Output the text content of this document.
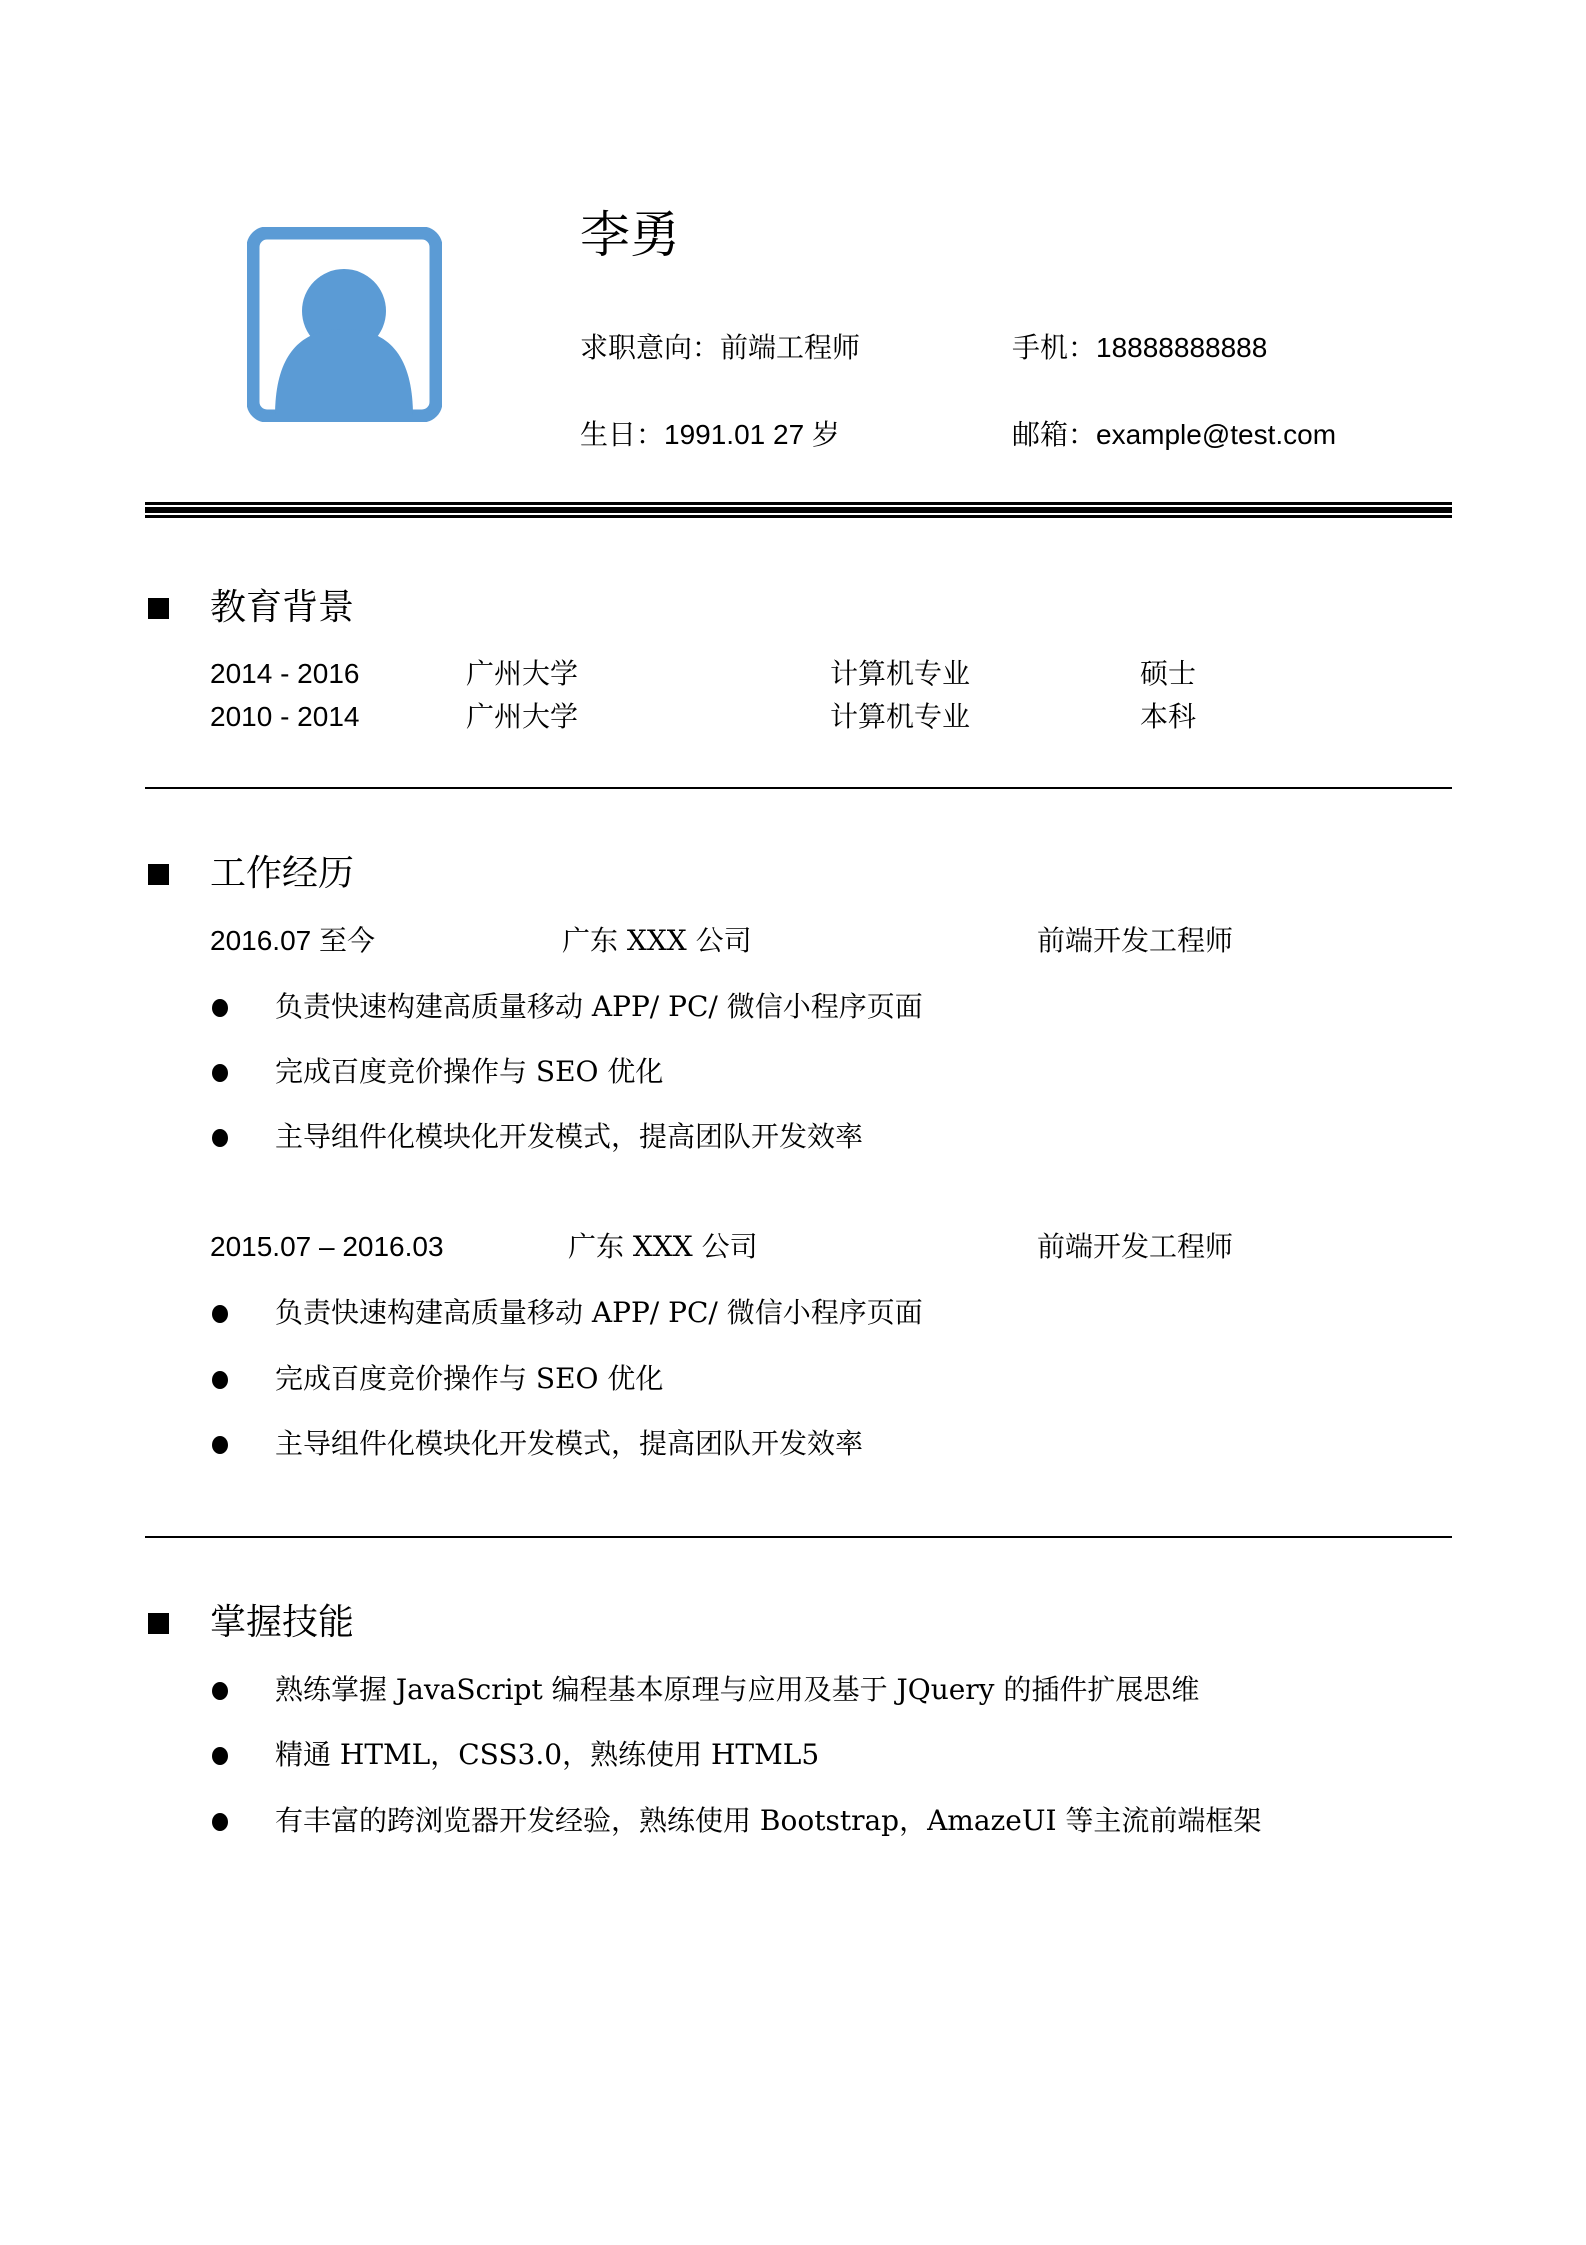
李勇
求职意向：前端工程师	手机：18888888888
生日：1991.01 27 岁	邮箱：example@test.com
教育背景
2014 - 2016	广州大学	计算机专业	硕士
2010 - 2014	广州大学	计算机专业	本科
工作经历
2016.07 至今	广东 XXX 公司	前端开发工程师
负责快速构建高质量移动 APP/ PC/ 微信小程序页面
完成百度竞价操作与 SEO 优化
主导组件化模块化开发模式，提高团队开发效率
2015.07 – 2016.03	广东 XXX 公司	前端开发工程师
负责快速构建高质量移动 APP/ PC/ 微信小程序页面
完成百度竞价操作与 SEO 优化
主导组件化模块化开发模式，提高团队开发效率
掌握技能
熟练掌握 JavaScript 编程基本原理与应用及基于 JQuery 的插件扩展思维
精通 HTML，CSS3.0，熟练使用 HTML5
有丰富的跨浏览器开发经验，熟练使用 Bootstrap，AmazeUI 等主流前端框架
